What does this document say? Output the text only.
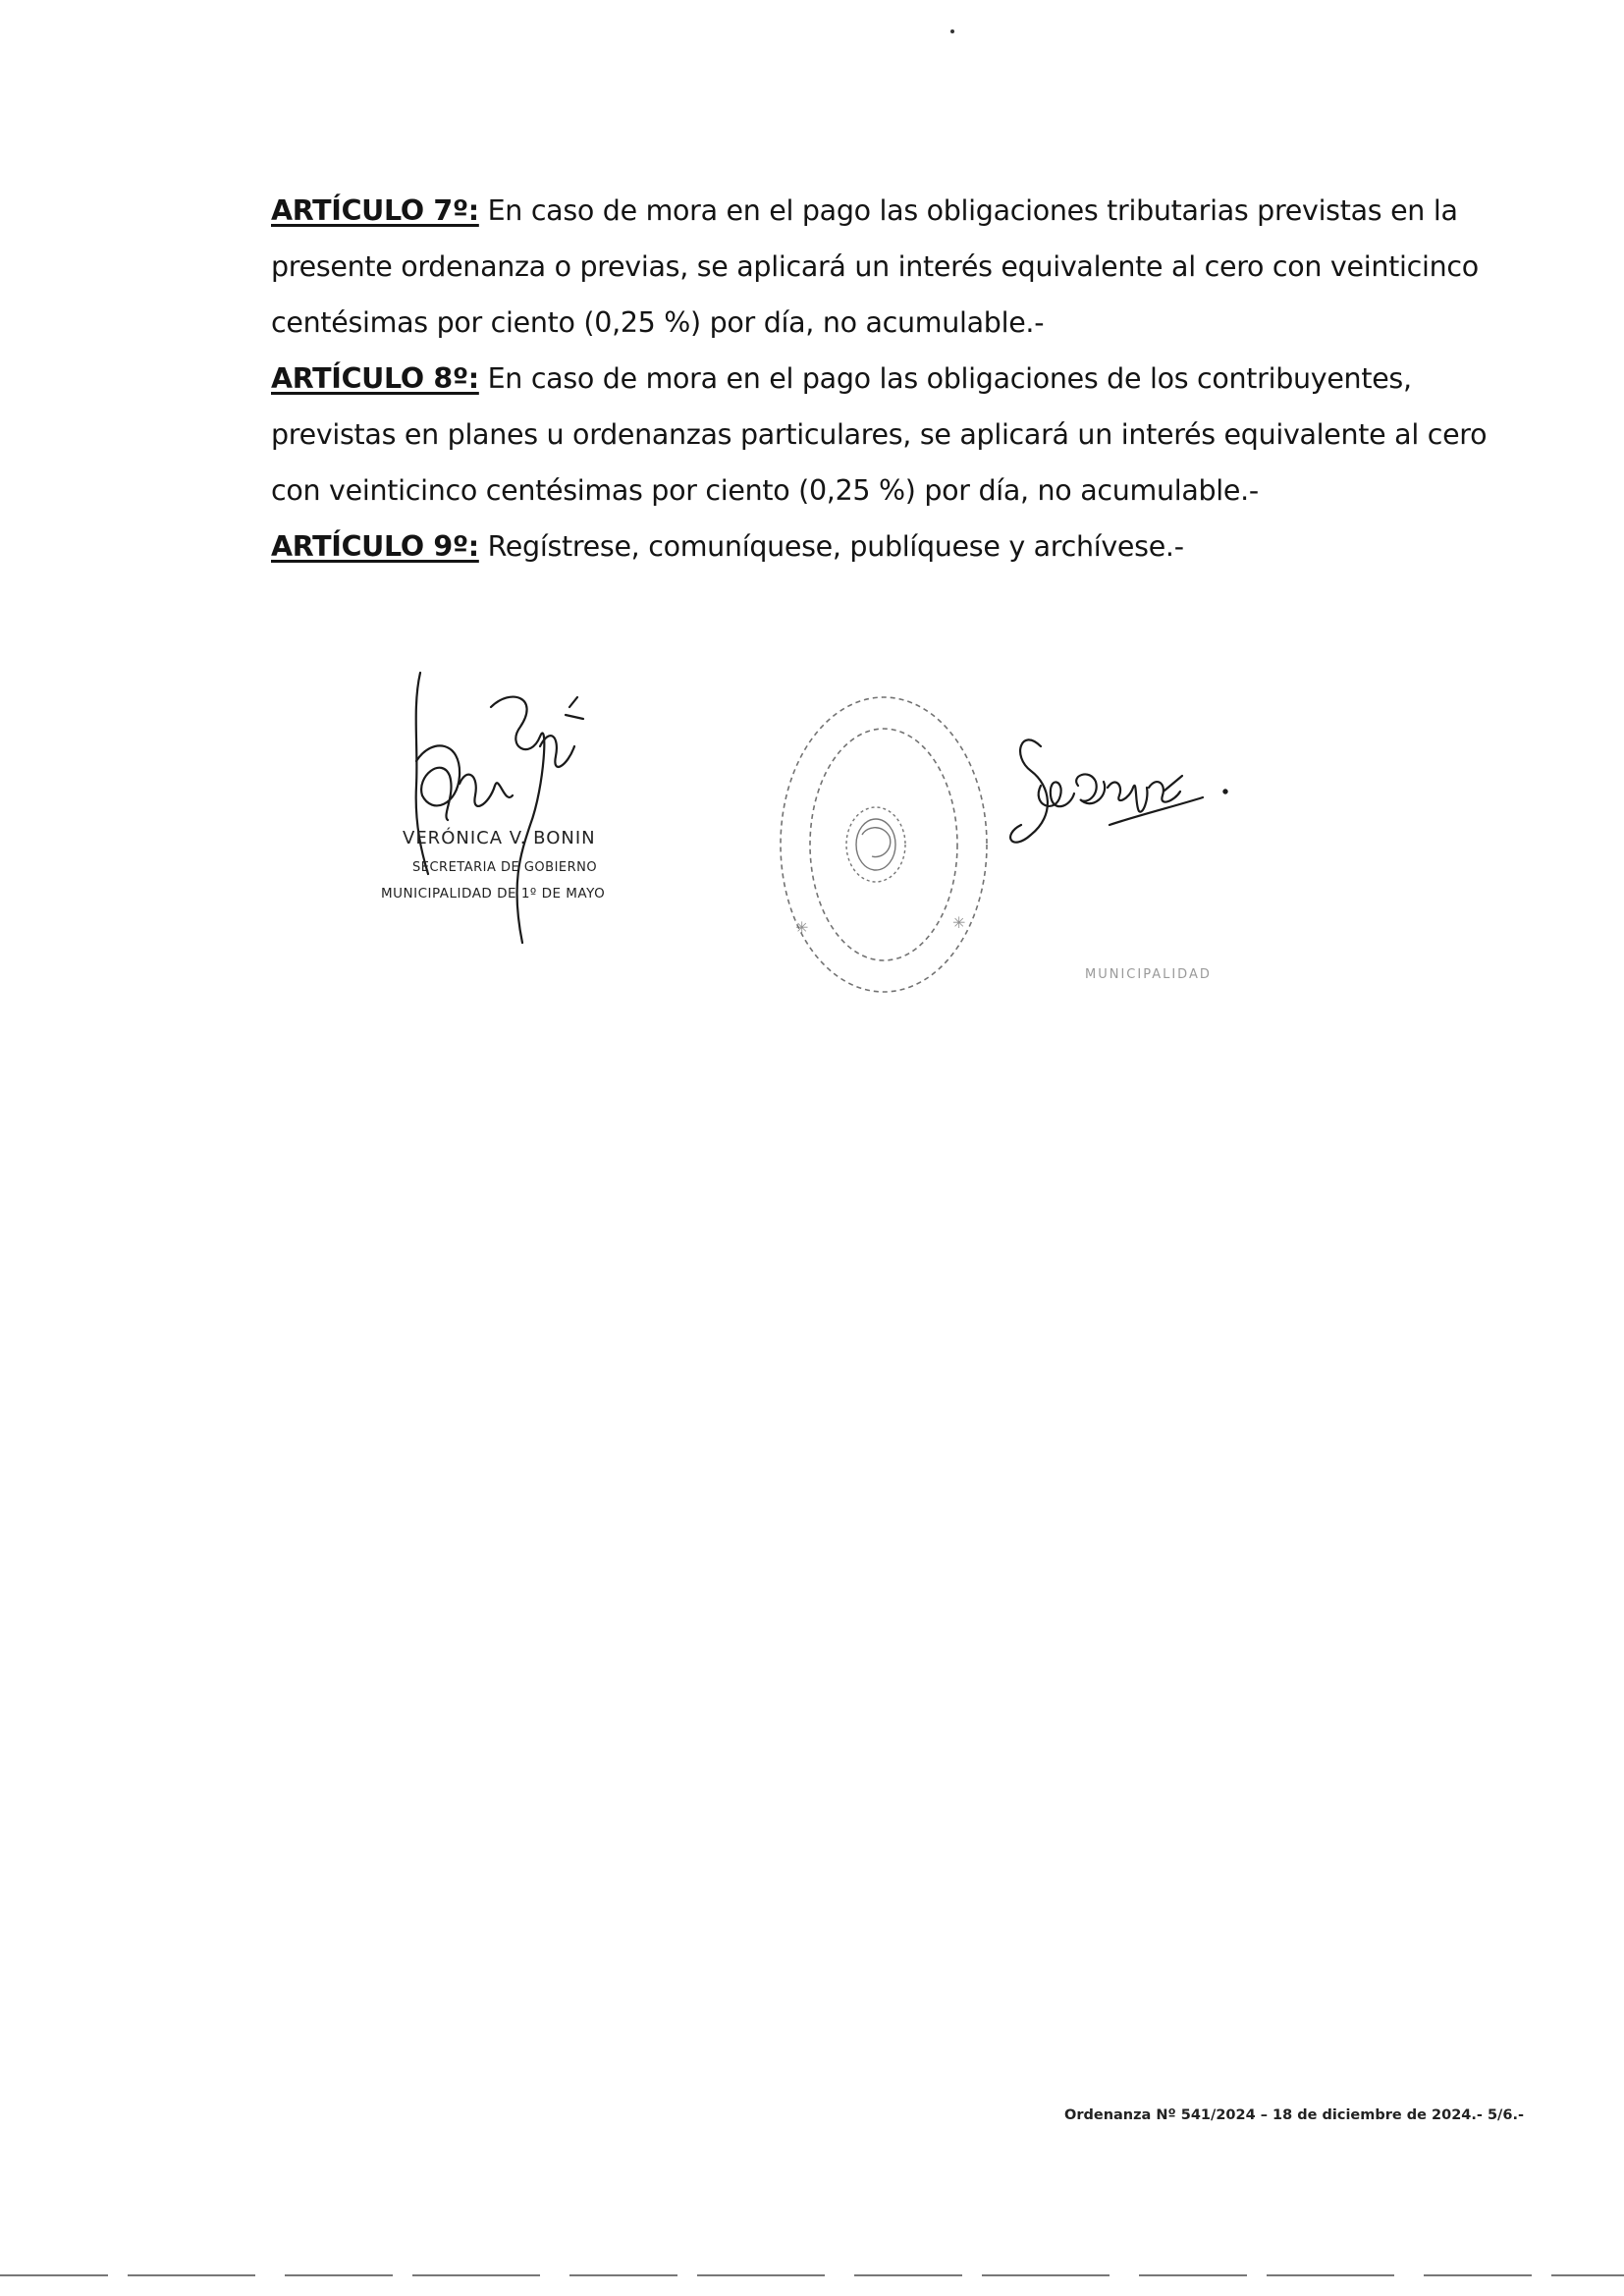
ARTÍCULO 7º: En caso de mora en el pago las obligaciones tributarias previstas en la presente ordenanza o previas, se aplicará un interés equivalente al cero con veinticinco centésimas por ciento (0,25 %) por día, no acumulable.-

ARTÍCULO 8º: En caso de mora en el pago las obligaciones de los contribuyentes, previstas en planes u ordenanzas particulares, se aplicará un interés equivalente al cero con veinticinco centésimas por ciento (0,25 %) por día, no acumulable.-

ARTÍCULO 9º: Regístrese, comuníquese, publíquese y archívese.-

VERÓNICA V. BONIN
SECRETARIA DE GOBIERNO
MUNICIPALIDAD DE 1º DE MAYO
✳	✳
MUNICIPALIDAD
Ordenanza Nº 541/2024 – 18 de diciembre de 2024.- 5/6.-
